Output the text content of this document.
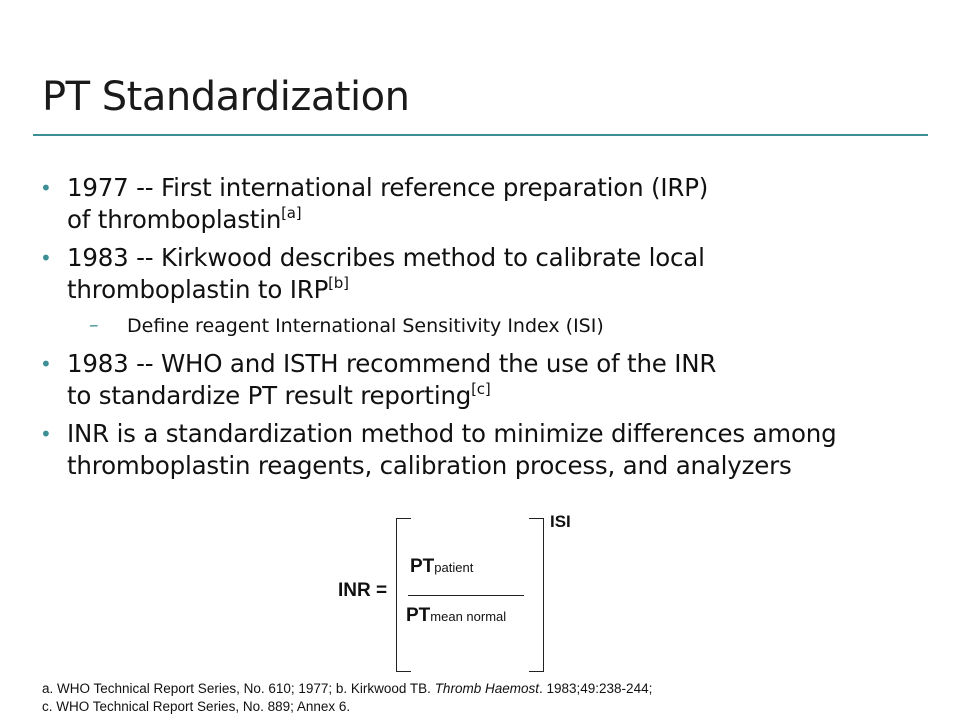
PT Standardization
• 1977 -- First international reference preparation (IRP)
of thromboplastin[a]
• 1983 -- Kirkwood describes method to calibrate local
thromboplastin to IRP[b]
– Define reagent International Sensitivity Index (ISI)
• 1983 -- WHO and ISTH recommend the use of the INR
to standardize PT result reporting[c]
• INR is a standardization method to minimize differences among
thromboplastin reagents, calibration process, and analyzers
INR =
ISI
PTpatient
PTmean normal
a. WHO Technical Report Series, No. 610; 1977; b. Kirkwood TB. Thromb Haemost. 1983;49:238-244;
c. WHO Technical Report Series, No. 889; Annex 6.
